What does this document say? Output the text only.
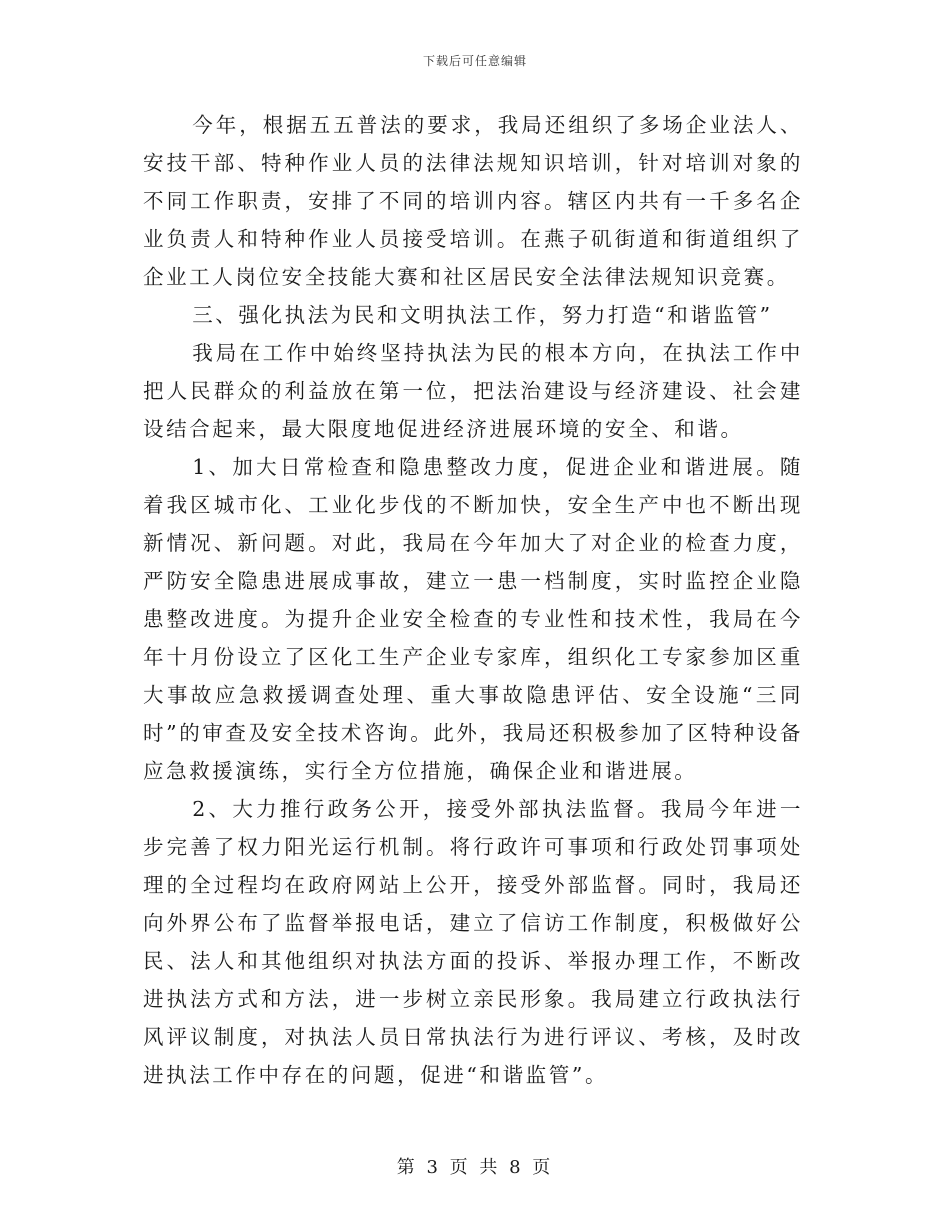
下载后可任意编辑

今年，根据五五普法的要求，我局还组织了多场企业法人、安技干部、特种作业人员的法律法规知识培训，针对培训对象的不同工作职责，安排了不同的培训内容。辖区内共有一千多名企业负责人和特种作业人员接受培训。在燕子矶街道和街道组织了企业工人岗位安全技能大赛和社区居民安全法律法规知识竞赛。

三、强化执法为民和文明执法工作，努力打造“和谐监管”

我局在工作中始终坚持执法为民的根本方向，在执法工作中把人民群众的利益放在第一位，把法治建设与经济建设、社会建设结合起来，最大限度地促进经济进展环境的安全、和谐。

1、加大日常检查和隐患整改力度，促进企业和谐进展。随着我区城市化、工业化步伐的不断加快，安全生产中也不断出现新情况、新问题。对此，我局在今年加大了对企业的检查力度，严防安全隐患进展成事故，建立一患一档制度，实时监控企业隐患整改进度。为提升企业安全检查的专业性和技术性，我局在今年十月份设立了区化工生产企业专家库，组织化工专家参加区重大事故应急救援调查处理、重大事故隐患评估、安全设施“三同时”的审查及安全技术咨询。此外，我局还积极参加了区特种设备应急救援演练，实行全方位措施，确保企业和谐进展。

2、大力推行政务公开，接受外部执法监督。我局今年进一步完善了权力阳光运行机制。将行政许可事项和行政处罚事项处理的全过程均在政府网站上公开，接受外部监督。同时，我局还向外界公布了监督举报电话，建立了信访工作制度，积极做好公民、法人和其他组织对执法方面的投诉、举报办理工作，不断改进执法方式和方法，进一步树立亲民形象。我局建立行政执法行风评议制度，对执法人员日常执法行为进行评议、考核，及时改进执法工作中存在的问题，促进“和谐监管”。

第 3 页 共 8 页
